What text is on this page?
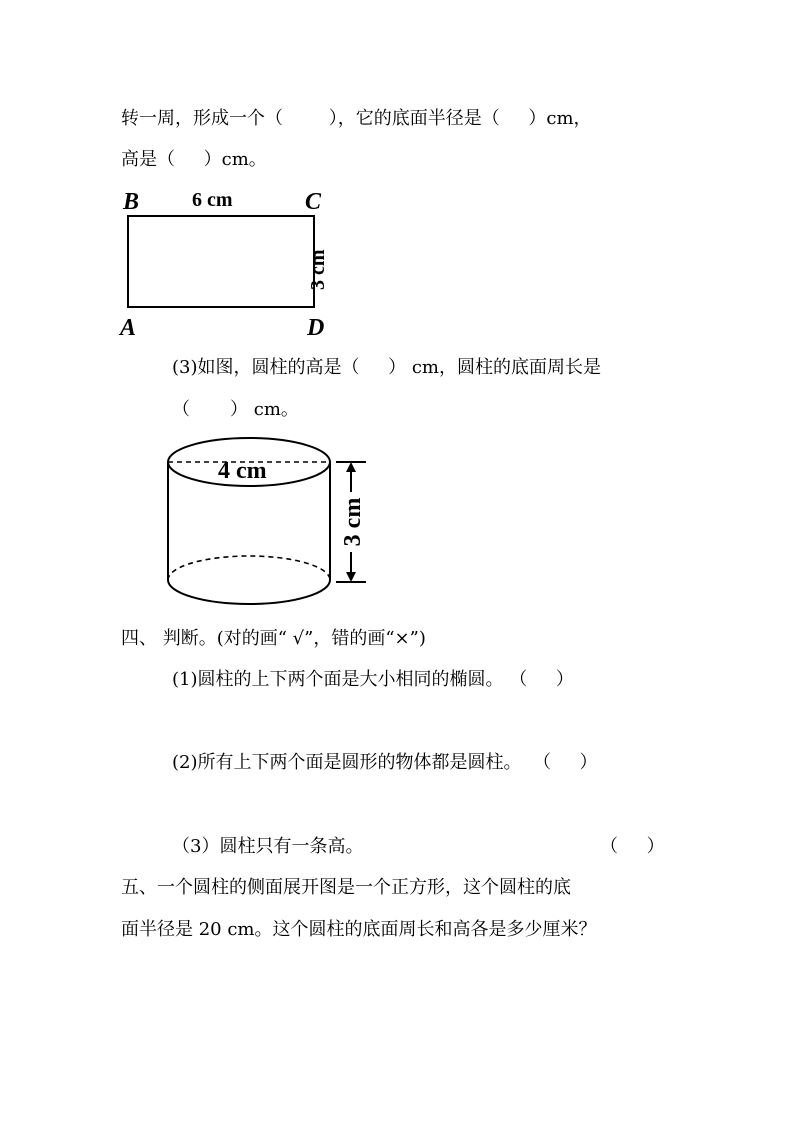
转一周，形成一个（        ），它的底面半径是（     ）cm，
高是（     ）cm。
B	C
A	D
6 cm
3 cm
(3)如图，圆柱的高是（     ） cm，圆柱的底面周长是
（       ） cm。
4 cm
3 cm
四、 判断。(对的画“ √”，错的画“×”)
(1)圆柱的上下两个面是大小相同的椭圆。 （     ）
(2)所有上下两个面是圆形的物体都是圆柱。  （     ）
（3）圆柱只有一条高。	（     ）
五、一个圆柱的侧面展开图是一个正方形，这个圆柱的底
面半径是 20 cm。这个圆柱的底面周长和高各是多少厘米？
